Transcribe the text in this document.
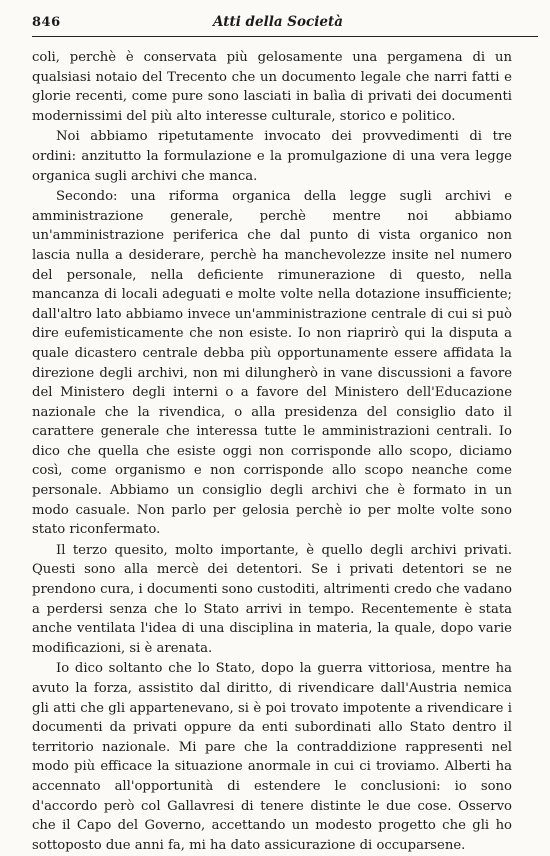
846	Atti della Società

coli, perchè è conservata più gelosamente una pergamena di un qualsiasi notaio del Trecento che un documento legale che narri fatti e glorie recenti, come pure sono lasciati in balìa di privati dei documenti modernissimi del più alto interesse culturale, storico e politico.

Noi abbiamo ripetutamente invocato dei provvedimenti di tre ordini: anzitutto la formulazione e la promulgazione di una vera legge organica sugli archivi che manca.

Secondo: una riforma organica della legge sugli archivi e amministrazione generale, perchè mentre noi abbiamo un'amministrazione periferica che dal punto di vista organico non lascia nulla a desiderare, perchè ha manchevolezze insite nel numero del personale, nella deficiente rimunerazione di questo, nella mancanza di locali adeguati e molte volte nella dotazione insufficiente; dall'altro lato abbiamo invece un'amministrazione centrale di cui si può dire eufemisticamente che non esiste. Io non riaprirò qui la disputa a quale dicastero centrale debba più opportunamente essere affidata la direzione degli archivi, non mi dilungherò in vane discussioni a favore del Ministero degli interni o a favore del Ministero dell'Educazione nazionale che la rivendica, o alla presidenza del consiglio dato il carattere generale che interessa tutte le amministrazioni centrali. Io dico che quella che esiste oggi non corrisponde allo scopo, diciamo così, come organismo e non corrisponde allo scopo neanche come personale. Abbiamo un consiglio degli archivi che è formato in un modo casuale. Non parlo per gelosia perchè io per molte volte sono stato riconfermato.

Il terzo quesito, molto importante, è quello degli archivi privati. Questi sono alla mercè dei detentori. Se i privati detentori se ne prendono cura, i documenti sono custoditi, altrimenti credo che vadano a perdersi senza che lo Stato arrivi in tempo. Recentemente è stata anche ventilata l'idea di una disciplina in materia, la quale, dopo varie modificazioni, si è arenata.

Io dico soltanto che lo Stato, dopo la guerra vittoriosa, mentre ha avuto la forza, assistito dal diritto, di rivendicare dall'Austria nemica gli atti che gli appartenevano, si è poi trovato impotente a rivendicare i documenti da privati oppure da enti subordinati allo Stato dentro il territorio nazionale. Mi pare che la contraddizione rappresenti nel modo più efficace la situazione anormale in cui ci troviamo. Alberti ha accennato all'opportunità di estendere le conclusioni: io sono d'accordo però col Gallavresi di tenere distinte le due cose. Osservo che il Capo del Governo, accettando un modesto progetto che gli ho sottoposto due anni fa, mi ha dato assicurazione di occuparsene.
